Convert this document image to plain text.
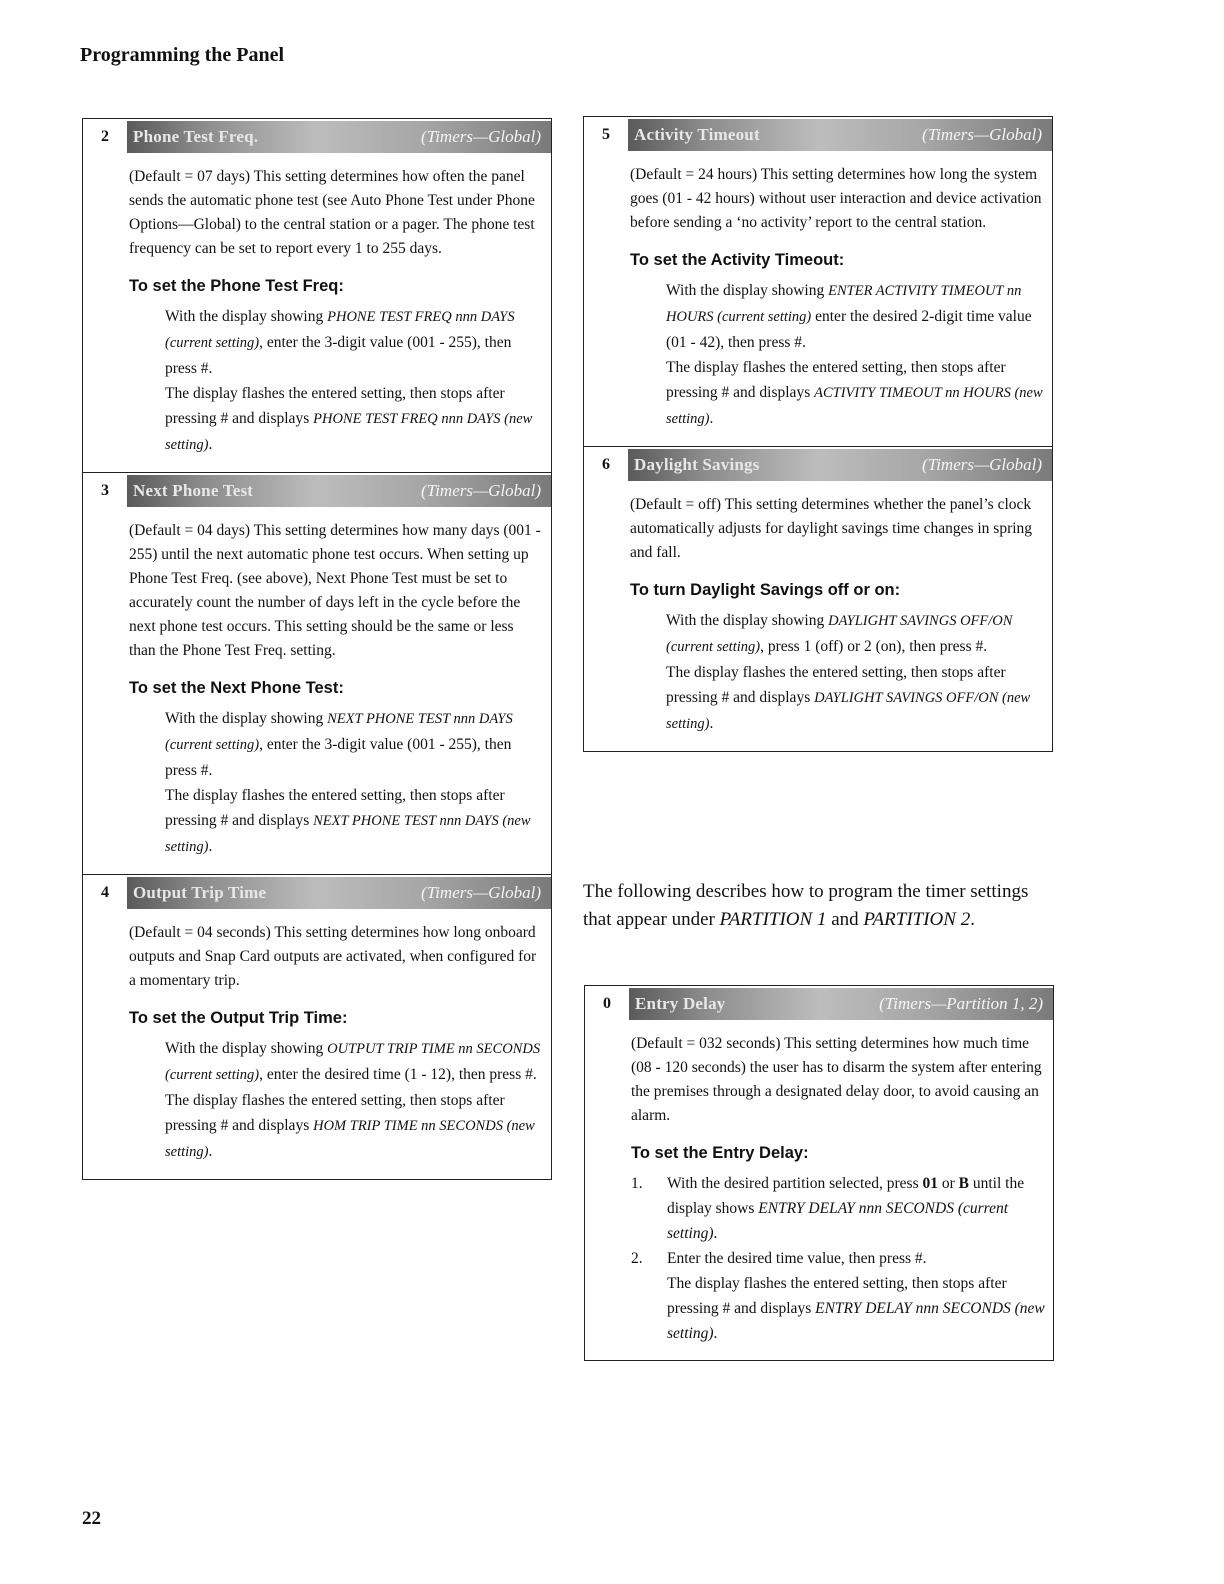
Programming the Panel
2	Phone Test Freq.	(Timers—Global)

(Default = 07 days) This setting determines how often the panel sends the automatic phone test (see Auto Phone Test under Phone Options—Global) to the central station or a pager. The phone test frequency can be set to report every 1 to 255 days.

To set the Phone Test Freq:

With the display showing PHONE TEST FREQ nnn DAYS (current setting), enter the 3-digit value (001 - 255), then press #.

The display flashes the entered setting, then stops after pressing # and displays PHONE TEST FREQ nnn DAYS (new setting).

3	Next Phone Test	(Timers—Global)

(Default = 04 days) This setting determines how many days (001 - 255) until the next automatic phone test occurs. When setting up Phone Test Freq. (see above), Next Phone Test must be set to accurately count the number of days left in the cycle before the next phone test occurs. This setting should be the same or less than the Phone Test Freq. setting.

To set the Next Phone Test:

With the display showing NEXT PHONE TEST nnn DAYS (current setting), enter the 3-digit value (001 - 255), then press #.

The display flashes the entered setting, then stops after pressing # and displays NEXT PHONE TEST nnn DAYS (new setting).

4	Output Trip Time	(Timers—Global)

(Default = 04 seconds) This setting determines how long onboard outputs and Snap Card outputs are activated, when configured for a momentary trip.

To set the Output Trip Time:

With the display showing OUTPUT TRIP TIME nn SECONDS (current setting), enter the desired time (1 - 12), then press #.

The display flashes the entered setting, then stops after pressing # and displays HOM TRIP TIME nn SECONDS (new setting).

5	Activity Timeout	(Timers—Global)

(Default = 24 hours) This setting determines how long the system goes (01 - 42 hours) without user interaction and device activation before sending a ‘no activity’ report to the central station.

To set the Activity Timeout:

With the display showing ENTER ACTIVITY TIMEOUT nn HOURS (current setting) enter the desired 2-digit time value (01 - 42), then press #.

The display flashes the entered setting, then stops after pressing # and displays ACTIVITY TIMEOUT nn HOURS (new setting).

6	Daylight Savings	(Timers—Global)

(Default = off) This setting determines whether the panel’s clock automatically adjusts for daylight savings time changes in spring and fall.

To turn Daylight Savings off or on:

With the display showing DAYLIGHT SAVINGS OFF/ON (current setting), press 1 (off) or 2 (on), then press #.

The display flashes the entered setting, then stops after pressing # and displays DAYLIGHT SAVINGS OFF/ON (new setting).

The following describes how to program the timer settings that appear under PARTITION 1 and PARTITION 2.

0	Entry Delay	(Timers—Partition 1, 2)

(Default = 032 seconds) This setting determines how much time (08 - 120 seconds) the user has to disarm the system after entering the premises through a designated delay door, to avoid causing an alarm.

To set the Entry Delay:
1.	With the desired partition selected, press 01 or B until the display shows ENTRY DELAY nnn SECONDS (current setting).
2.	Enter the desired time value, then press #.
The display flashes the entered setting, then stops after pressing # and displays ENTRY DELAY nnn SECONDS (new setting).
22
